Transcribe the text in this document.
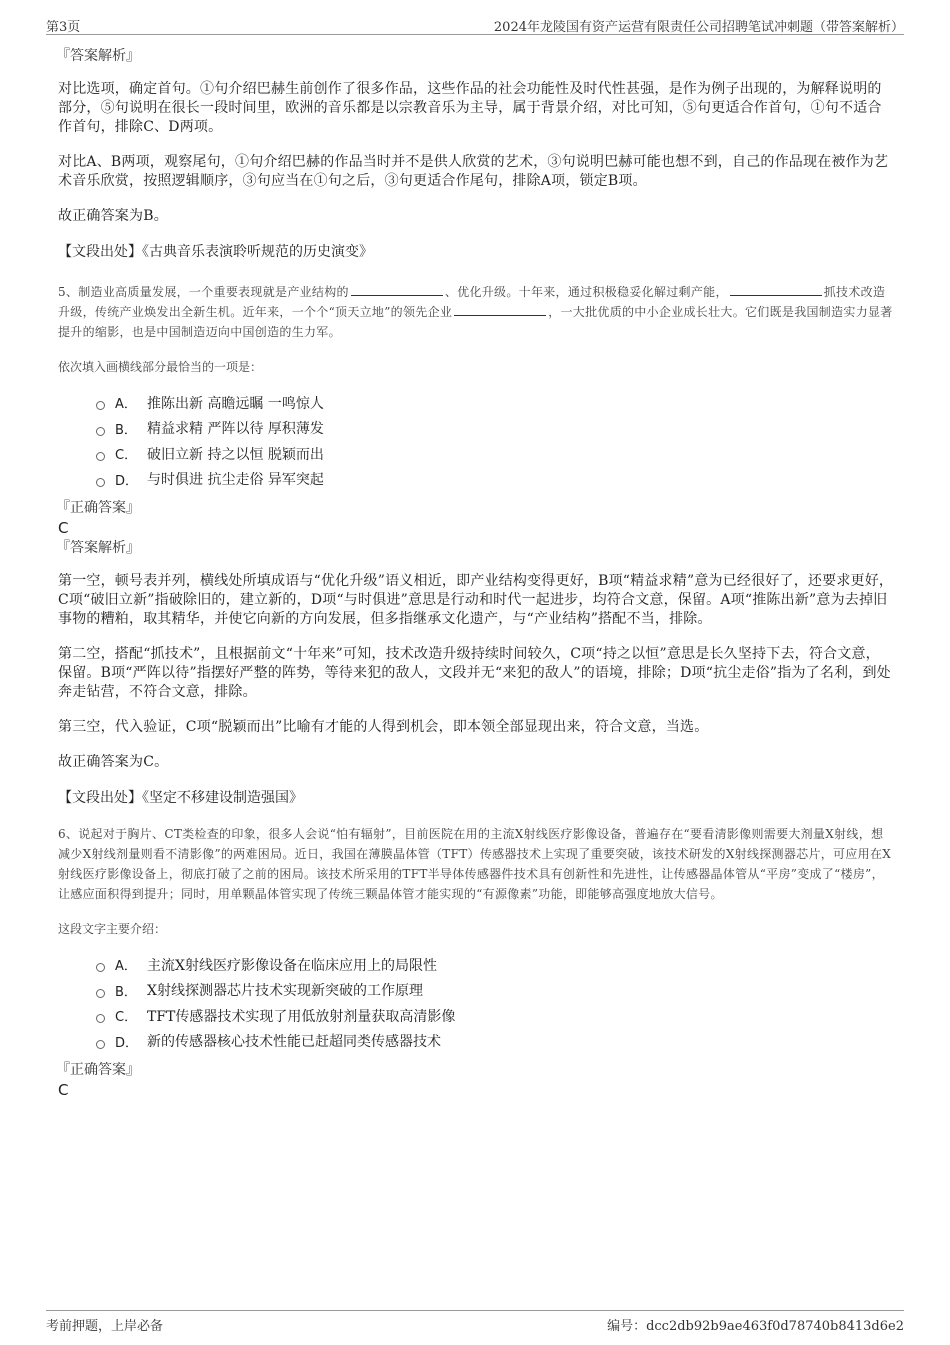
第3页	2024年龙陵国有资产运营有限责任公司招聘笔试冲刺题（带答案解析）
『答案解析』

对比选项，确定首句。①句介绍巴赫生前创作了很多作品，这些作品的社会功能性及时代性甚强，是作为例子出现的，为解释说明的部分，⑤句说明在很长一段时间里，欧洲的音乐都是以宗教音乐为主导，属于背景介绍，对比可知，⑤句更适合作首句，①句不适合作首句，排除C、D两项。

对比A、B两项，观察尾句，①句介绍巴赫的作品当时并不是供人欣赏的艺术，③句说明巴赫可能也想不到，自己的作品现在被作为艺术音乐欣赏，按照逻辑顺序，③句应当在①句之后，③句更适合作尾句，排除A项，锁定B项。

故正确答案为B。

【文段出处】《古典音乐表演聆听规范的历史演变》

5、制造业高质量发展，一个重要表现就是产业结构的	、优化升级。十年来，通过积极稳妥化解过剩产能，	抓技术改造升级，传统产业焕发出全新生机。近年来，一个个“顶天立地”的领先企业	，一大批优质的中小企业成长壮大。它们既是我国制造实力显著提升的缩影，也是中国制造迈向中国创造的生力军。

依次填入画横线部分最恰当的一项是：
A． 推陈出新 高瞻远瞩 一鸣惊人
B． 精益求精 严阵以待 厚积薄发
C． 破旧立新 持之以恒 脱颖而出
D． 与时俱进 抗尘走俗 异军突起
『正确答案』
C
『答案解析』

第一空，顿号表并列，横线处所填成语与“优化升级”语义相近，即产业结构变得更好，B项“精益求精”意为已经很好了，还要求更好，C项“破旧立新”指破除旧的，建立新的，D项“与时俱进”意思是行动和时代一起进步，均符合文意，保留。A项“推陈出新”意为去掉旧事物的糟粕，取其精华，并使它向新的方向发展，但多指继承文化遗产，与“产业结构”搭配不当，排除。

第二空，搭配“抓技术”，且根据前文“十年来”可知，技术改造升级持续时间较久，C项“持之以恒”意思是长久坚持下去，符合文意，保留。B项“严阵以待”指摆好严整的阵势，等待来犯的敌人，文段并无“来犯的敌人”的语境，排除；D项“抗尘走俗”指为了名利，到处奔走钻营，不符合文意，排除。

第三空，代入验证，C项“脱颖而出”比喻有才能的人得到机会，即本领全部显现出来，符合文意，当选。

故正确答案为C。

【文段出处】《坚定不移建设制造强国》

6、说起对于胸片、CT类检查的印象，很多人会说“怕有辐射”，目前医院在用的主流X射线医疗影像设备，普遍存在“要看清影像则需要大剂量X射线，想减少X射线剂量则看不清影像”的两难困局。近日，我国在薄膜晶体管（TFT）传感器技术上实现了重要突破，该技术研发的X射线探测器芯片，可应用在X射线医疗影像设备上，彻底打破了之前的困局。该技术所采用的TFT半导体传感器件技术具有创新性和先进性，让传感器晶体管从“平房”变成了“楼房”，让感应面积得到提升；同时，用单颗晶体管实现了传统三颗晶体管才能实现的“有源像素”功能，即能够高强度地放大信号。

这段文字主要介绍：
A． 主流X射线医疗影像设备在临床应用上的局限性
B． X射线探测器芯片技术实现新突破的工作原理
C． TFT传感器技术实现了用低放射剂量获取高清影像
D． 新的传感器核心技术性能已赶超同类传感器技术
『正确答案』
C
考前押题，上岸必备	编号：dcc2db92b9ae463f0d78740b8413d6e2
